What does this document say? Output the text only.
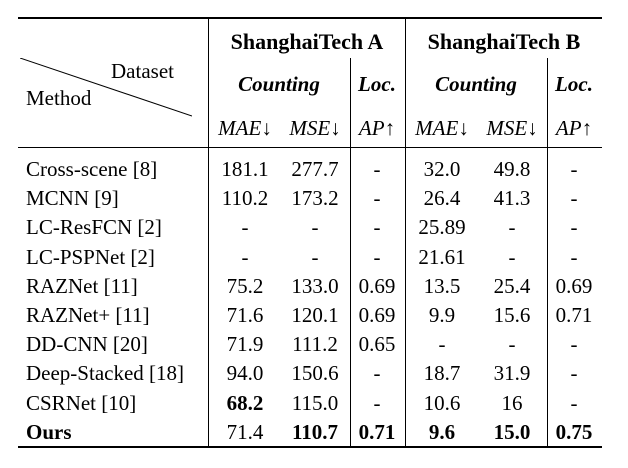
Dataset
Method
ShanghaiTech A ShanghaiTech B
Counting Loc. Counting Loc.
MAE↓ MSE↓ AP↑ MAE↓ MSE↓ AP↑
Cross-scene [8]	181.1 277.7 - 32.0 49.8 -
MCNN [9]	110.2 173.2 - 26.4 41.3 -
LC-ResFCN [2]	-	-	- 25.89 -	-
LC-PSPNet [2]	-	-	- 21.61 -	-
RAZNet [11]	75.2 133.0 0.69 13.5 25.4 0.69
RAZNet+ [11]	71.6 120.1 0.69 9.9 15.6 0.71
DD-CNN [20]	71.9 111.2 0.65 -	-	-
Deep-Stacked [18] 94.0 150.6 - 18.7 31.9 -
CSRNet [10]	68.2 115.0 - 10.6 16 -
Ours	71.4 110.7 0.71 9.6 15.0 0.75
